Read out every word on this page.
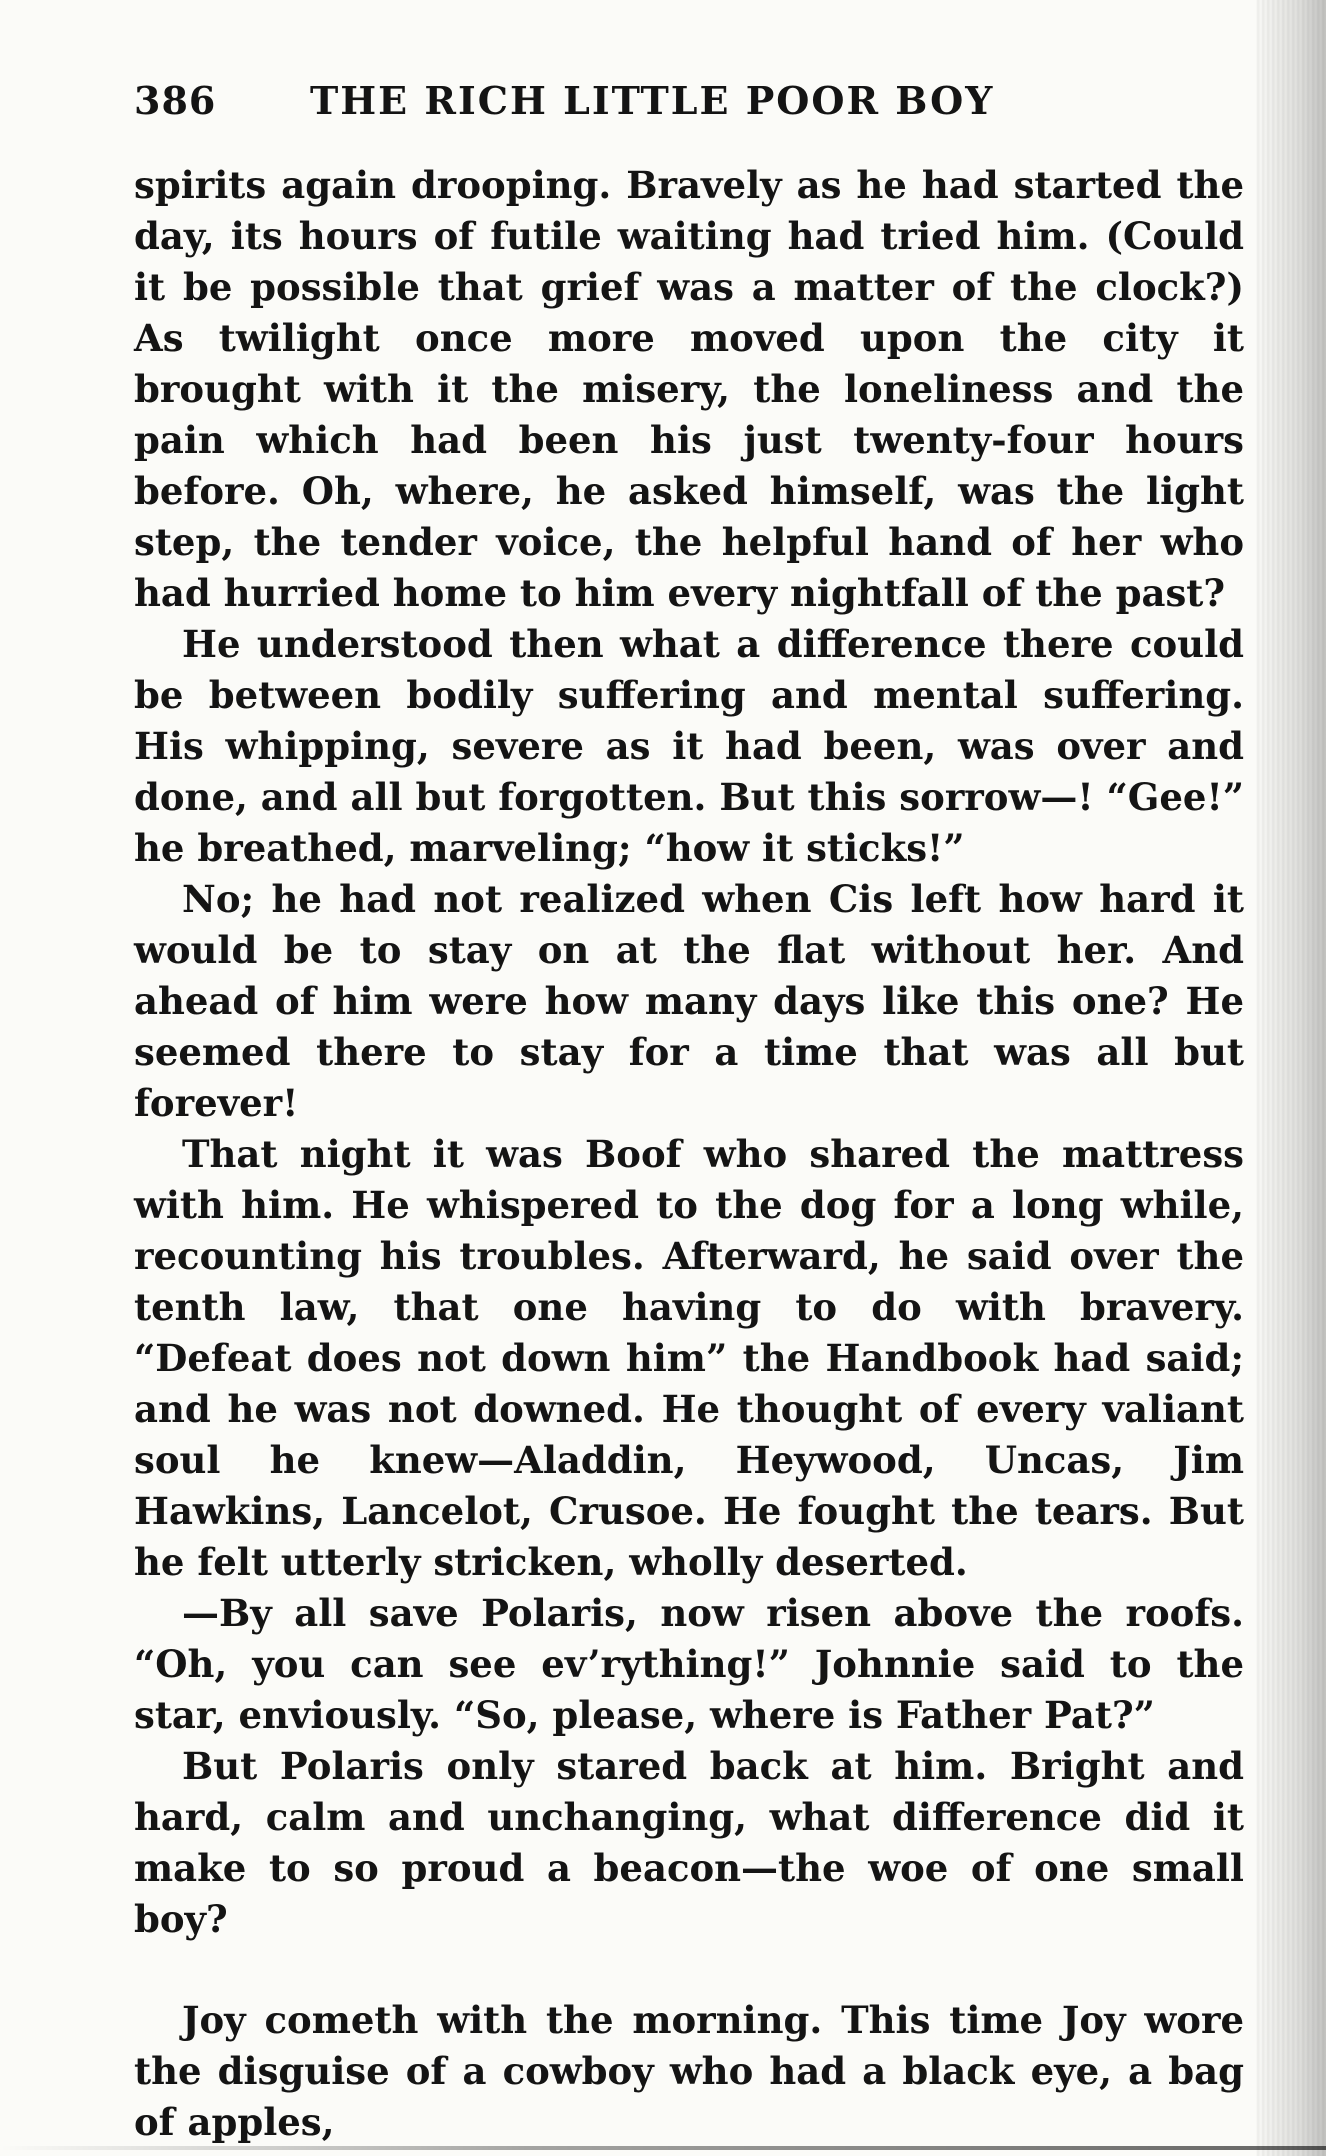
386 THE RICH LITTLE POOR BOY

spirits again drooping. Bravely as he had started the day, its hours of futile waiting had tried him. (Could it be possible that grief was a matter of the clock?) As twilight once more moved upon the city it brought with it the misery, the loneliness and the pain which had been his just twenty-four hours before. Oh, where, he asked himself, was the light step, the tender voice, the helpful hand of her who had hurried home to him every nightfall of the past?

He understood then what a difference there could be between bodily suffering and mental suffering. His whipping, severe as it had been, was over and done, and all but forgotten. But this sorrow—! “Gee!” he breathed, marveling; “how it sticks!”

No; he had not realized when Cis left how hard it would be to stay on at the flat without her. And ahead of him were how many days like this one? He seemed there to stay for a time that was all but forever!

That night it was Boof who shared the mattress with him. He whispered to the dog for a long while, recounting his troubles. Afterward, he said over the tenth law, that one having to do with bravery. “Defeat does not down him” the Handbook had said; and he was not downed. He thought of every valiant soul he knew—Aladdin, Heywood, Uncas, Jim Hawkins, Lancelot, Crusoe. He fought the tears. But he felt utterly stricken, wholly deserted.

—By all save Polaris, now risen above the roofs. “Oh, you can see ev’rything!” Johnnie said to the star, enviously. “So, please, where is Father Pat?”

But Polaris only stared back at him. Bright and hard, calm and unchanging, what difference did it make to so proud a beacon—the woe of one small boy?

Joy cometh with the morning. This time Joy wore the disguise of a cowboy who had a black eye, a bag of apples,
